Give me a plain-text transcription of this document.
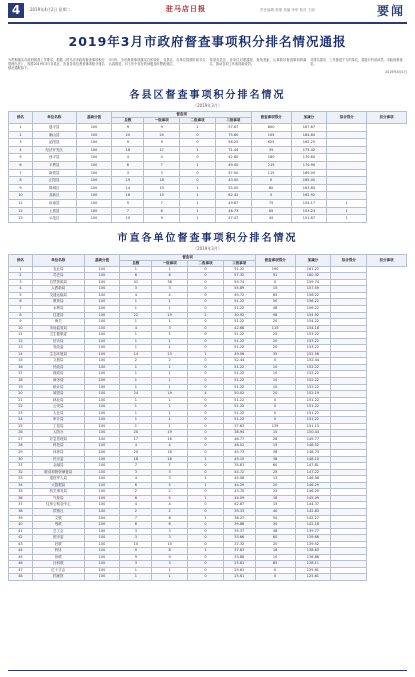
4	2019年4月2日 星期二	驻马店日报	责任编辑 张强 美编 李军 校对 王丽	要闻
2019年3月市政府督查事项积分排名情况通报
为贯彻落实市政府督查工作要求，根据《驻马店市政府督查事项积分管理办法》，现将2019年3月各县区、市直各单位督查事项积分排名情况通报如下。
3月份，全市督查事项落实总体较好，各县区、各单位按照时间节点认真推进，对工作中存在的问题及时整改到位。
希望各县区、各单位对照通报，查找差距，认真抓好督查事项的落实，推动各项工作取得新成效。
对排名靠后、工作推进不力的单位，将进行约谈问责。市政府督查室。
2019年4月1日
各县区督查事项积分排名情况
（2019年3月）
排名	单位名称	基础分值	督查项				督查事项得分	加减分	综合得分	扣分事项
			总数	一级事项	二级事项	三级事项				
1	遂平县	100	9	9	1	57.67	800	187.67		
2	确山县	100	20	20	0	75.60	105	184.60		
3	泌阳县	100	9	9	0	58.25	625	182.25		
4	经济开发区	100	18	17	1	71.44	35	175.42		
5	西平县	100	4	4	0	52.60	180	170.60		
6	平舆县	100	8	7	1	49.00	215	170.90		
7	新蔡县	100	3	3	0	57.00	115	169.00		
8	正阳县	100	19	18	0	43.00	0	165.00		
9	驿城区	100	14	13	1	55.00	80	163.80		
10	高新区	100	16	15	1	62.42	5	162.92		
11	汝南县	100	9	7	1	49.67	75	154.17	1	
12	上蔡县	100	7	6	1	46.73	85	153.23	1	
13	示范区	100	10	9	1	47.47	45	151.87	1	
市直各单位督查事项积分排名情况
（2019年3月）
排名	单位名称	基础分值	督查项				督查事项得分	加减分	综合得分	扣分事项
			总数	一级事项	二级事项	三级事项				
1	农业局	100	1	1	0	51.22	190	161.22		
2	司法局	100	6	6	0	57.32	91	160.32		
3	自然资源局	100	41	38	0	59.74	0	159.74		
4	人教新局	100	3	3	0	55.89	15	157.59		
5	交通运输局	100	4	4	0	49.72	65	156.22		
6	教育局	100	1	1	0	51.22	50	156.22		
7	水利局	100	1	1	0	51.22	48	156.22		
8	住建局	100	22	19	2	30.92	98	154.92		
9	海关	100	1	1	0	51.22	20	154.22		
10	市场监管局	100	4	3	0	42.68	115	154.18		
11	卫生健康委	100	1	1	0	51.22	25	153.22		
12	信访局	100	1	1	0	51.22	20	153.22		
13	发改委	100	1	1	0	51.22	20	153.22		
14	生态环境局	100	14	13	1	49.06	35	152.56		
15	文旅局	100	2	2	0	52.44	0	152.44		
16	民政局	100	1	1	0	51.22	10	152.22		
17	财政局	100	1	1	0	51.22	10	152.22		
18	商务局	100	1	1	0	51.22	10	152.22		
19	统计局	100	1	1	0	51.22	10	152.22		
20	城管局	100	24	19	4	50.02	20	152.19		
21	林业局	100	1	1	0	51.22	0	151.22		
22	公安局	100	1	1	0	51.22	0	151.22		
23	人社局	100	1	1	0	51.22	0	151.22		
24	审计局	100	1	1	0	51.22	0	151.22		
25	工信局	100	1	1	0	37.63	135	151.13		
26	人防办	100	20	19	0	38.94	15	150.44		
27	应急管理局	100	17	16	0	46.77	28	149.77		
28	科技局	100	4	4	0	48.02	15	148.52		
29	体育局	100	20	18	0	45.73	38	148.73		
30	民宗委	100	18	16	1	45.10	38	148.10		
31	金融局	100	7	7	0	35.81	60	147.81		
32	粮食和物资储备局	100	3	3	0	44.72	25	147.22		
33	退役军人局	100	4	3	1	45.08	13	146.58		
34	大数据局	100	6	5	1	44.29	20	146.29		
35	机关事务局	100	2	2	0	43.70	25	146.20		
36	气象局	100	6	5	1	44.09	18	145.09		
37	住房公积金中心	100	4	4	0	42.87	15	144.37		
38	供销社	100	2	2	0	39.33	40	142.83		
39	文联	100	7	6	1	38.27	50	142.27		
40	残联	100	6	6	0	39.68	30	142.18		
41	总工会	100	3	3	0	35.37	48	139.77		
42	团市委	100	3	3	0	33.66	60	139.66		
43	妇联	100	10	10	0	37.32	20	139.52		
44	科协	100	9	8	1	37.63	18	138.63		
45	侨联	100	9	9	0	33.88	10	136.88		
46	社科联	100	3	3	0	25.61	85	128.11		
47	红十字会	100	1	1	0	25.61	0	125.61		
48	档案馆	100	1	1	0	25.61	0	125.61		
